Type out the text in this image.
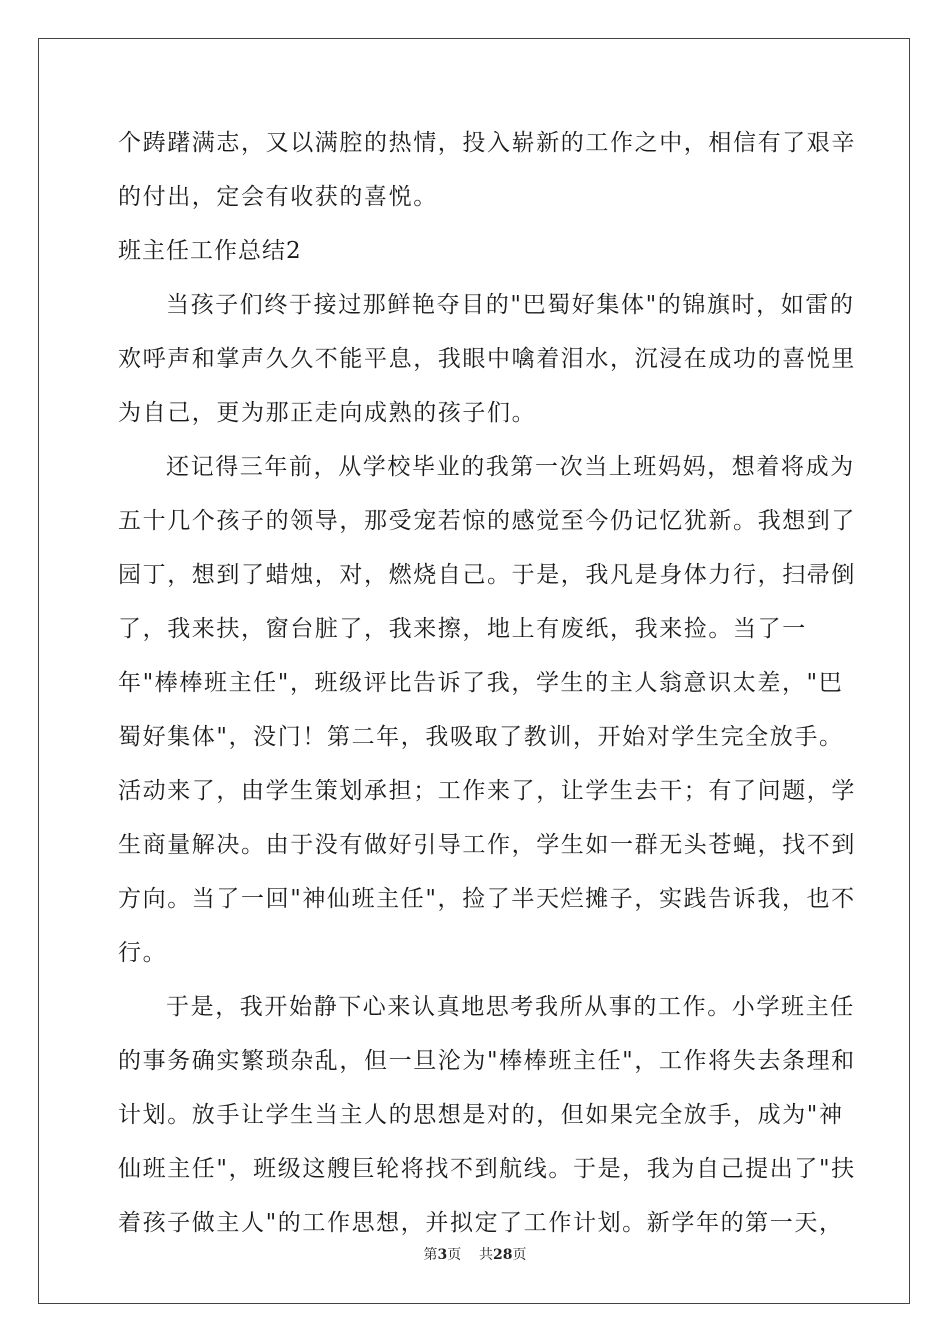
个踌躇满志，又以满腔的热情，投入崭新的工作之中，相信有了艰辛
的付出，定会有收获的喜悦。
班主任工作总结2
当孩子们终于接过那鲜艳夺目的"巴蜀好集体"的锦旗时，如雷的
欢呼声和掌声久久不能平息，我眼中噙着泪水，沉浸在成功的喜悦里
为自己，更为那正走向成熟的孩子们。
还记得三年前，从学校毕业的我第一次当上班妈妈，想着将成为
五十几个孩子的领导，那受宠若惊的感觉至今仍记忆犹新。我想到了
园丁，想到了蜡烛，对，燃烧自己。于是，我凡是身体力行，扫帚倒
了，我来扶，窗台脏了，我来擦，地上有废纸，我来捡。当了一
年"棒棒班主任"，班级评比告诉了我，学生的主人翁意识太差，"巴
蜀好集体"，没门！第二年，我吸取了教训，开始对学生完全放手。
活动来了，由学生策划承担；工作来了，让学生去干；有了问题，学
生商量解决。由于没有做好引导工作，学生如一群无头苍蝇，找不到
方向。当了一回"神仙班主任"，捡了半天烂摊子，实践告诉我，也不
行。
于是，我开始静下心来认真地思考我所从事的工作。小学班主任
的事务确实繁琐杂乱，但一旦沦为"棒棒班主任"，工作将失去条理和
计划。放手让学生当主人的思想是对的，但如果完全放手，成为"神
仙班主任"，班级这艘巨轮将找不到航线。于是，我为自己提出了"扶
着孩子做主人"的工作思想，并拟定了工作计划。新学年的第一天，
第3页 共28页
